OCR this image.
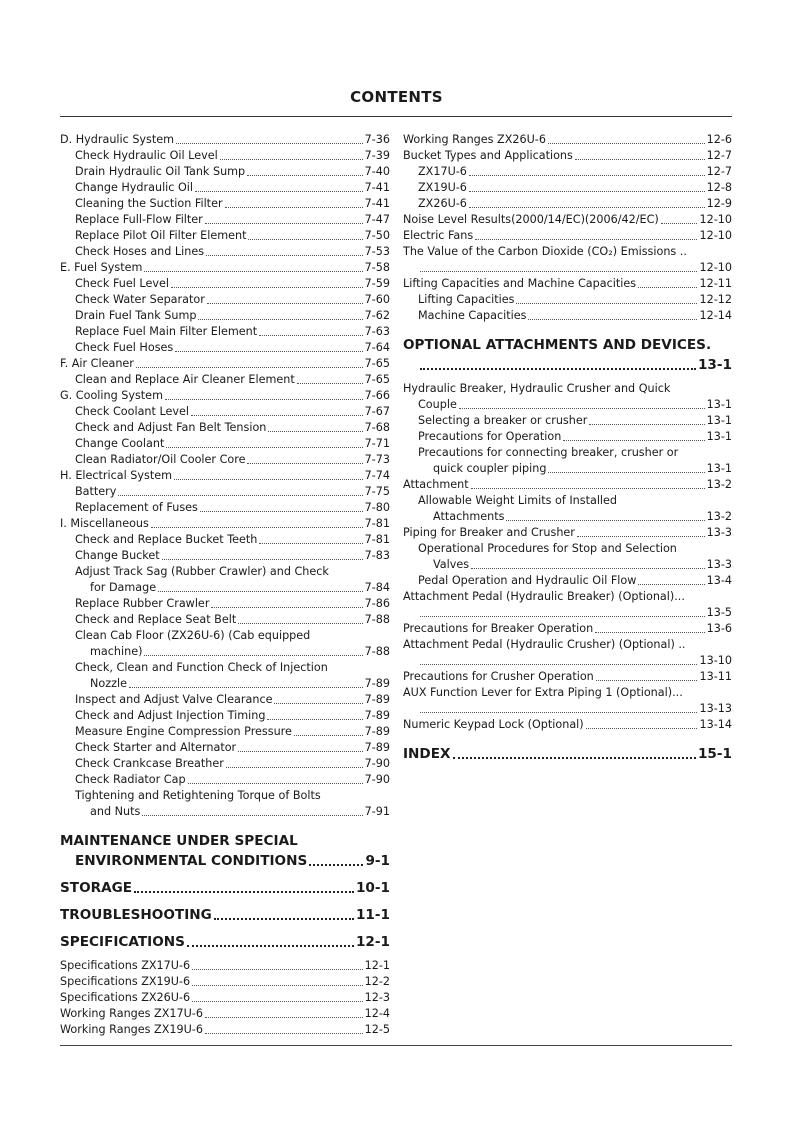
CONTENTS
D. Hydraulic System	7-36
Check Hydraulic Oil Level	7-39
Drain Hydraulic Oil Tank Sump	7-40
Change Hydraulic Oil	7-41
Cleaning the Suction Filter	7-41
Replace Full-Flow Filter	7-47
Replace Pilot Oil Filter Element	7-50
Check Hoses and Lines	7-53
E. Fuel System	7-58
Check Fuel Level	7-59
Check Water Separator	7-60
Drain Fuel Tank Sump	7-62
Replace Fuel Main Filter Element	7-63
Check Fuel Hoses	7-64
F. Air Cleaner	7-65
Clean and Replace Air Cleaner Element	7-65
G. Cooling System	7-66
Check Coolant Level	7-67
Check and Adjust Fan Belt Tension	7-68
Change Coolant	7-71
Clean Radiator/Oil Cooler Core	7-73
H. Electrical System	7-74
Battery	7-75
Replacement of Fuses	7-80
I. Miscellaneous	7-81
Check and Replace Bucket Teeth	7-81
Change Bucket	7-83
Adjust Track Sag (Rubber Crawler) and Check
for Damage	7-84
Replace Rubber Crawler	7-86
Check and Replace Seat Belt	7-88
Clean Cab Floor (ZX26U-6) (Cab equipped
machine)	7-88
Check, Clean and Function Check of Injection
Nozzle	7-89
Inspect and Adjust Valve Clearance	7-89
Check and Adjust Injection Timing	7-89
Measure Engine Compression Pressure	7-89
Check Starter and Alternator	7-89
Check Crankcase Breather	7-90
Check Radiator Cap	7-90
Tightening and Retightening Torque of Bolts
and Nuts	7-91
MAINTENANCE UNDER SPECIAL
ENVIRONMENTAL CONDITIONS	9-1
STORAGE	10-1
TROUBLESHOOTING	11-1
SPECIFICATIONS	12-1
Specifications ZX17U-6	12-1
Specifications ZX19U-6	12-2
Specifications ZX26U-6	12-3
Working Ranges ZX17U-6	12-4
Working Ranges ZX19U-6	12-5
Working Ranges ZX26U-6	12-6
Bucket Types and Applications	12-7
ZX17U-6	12-7
ZX19U-6	12-8
ZX26U-6	12-9
Noise Level Results(2000/14/EC)(2006/42/EC)	12-10
Electric Fans	12-10
The Value of the Carbon Dioxide (CO₂) Emissions ..
12-10
Lifting Capacities and Machine Capacities	12-11
Lifting Capacities	12-12
Machine Capacities	12-14
OPTIONAL ATTACHMENTS AND DEVICES.
13-1
Hydraulic Breaker, Hydraulic Crusher and Quick
Couple	13-1
Selecting a breaker or crusher	13-1
Precautions for Operation	13-1
Precautions for connecting breaker, crusher or
quick coupler piping	13-1
Attachment	13-2
Allowable Weight Limits of Installed
Attachments	13-2
Piping for Breaker and Crusher	13-3
Operational Procedures for Stop and Selection
Valves	13-3
Pedal Operation and Hydraulic Oil Flow	13-4
Attachment Pedal (Hydraulic Breaker) (Optional)...
13-5
Precautions for Breaker Operation	13-6
Attachment Pedal (Hydraulic Crusher) (Optional) ..
13-10
Precautions for Crusher Operation	13-11
AUX Function Lever for Extra Piping 1 (Optional)...
13-13
Numeric Keypad Lock (Optional)	13-14
INDEX	15-1
